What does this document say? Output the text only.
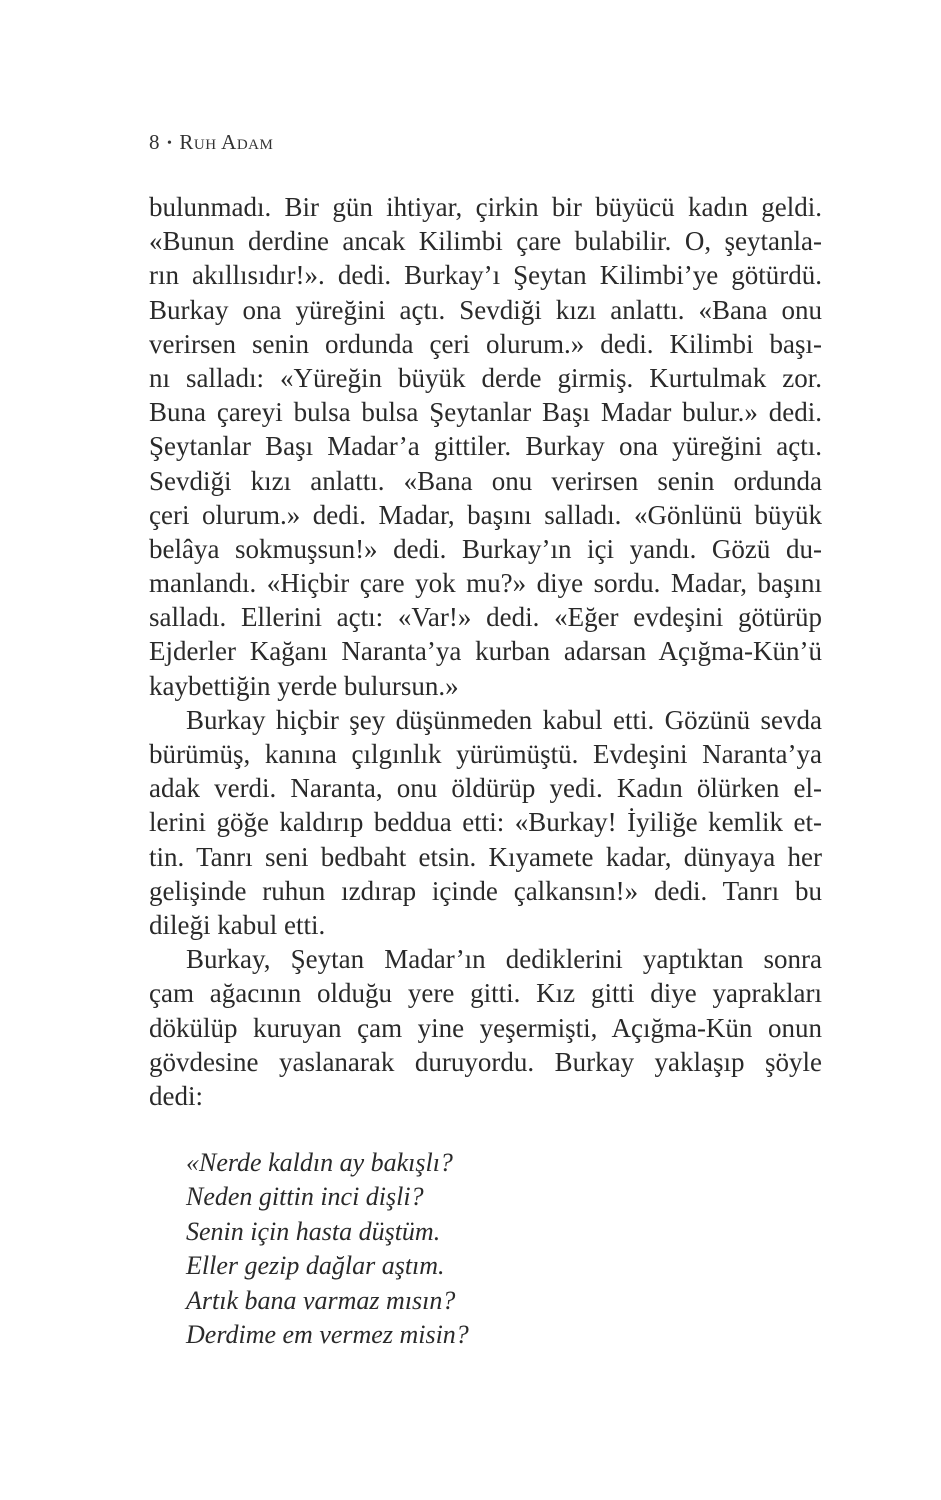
8 • Ruh Adam
bulunmadı. Bir gün ihtiyar, çirkin bir büyücü kadın geldi.
«Bunun derdine ancak Kilimbi çare bulabilir. O, şeytanla-
rın akıllısıdır!». dedi. Burkay’ı Şeytan Kilimbi’ye götürdü.
Burkay ona yüreğini açtı. Sevdiği kızı anlattı. «Bana onu
verirsen senin ordunda çeri olurum.» dedi. Kilimbi başı-
nı salladı: «Yüreğin büyük derde girmiş. Kurtulmak zor.
Buna çareyi bulsa bulsa Şeytanlar Başı Madar bulur.» dedi.
Şeytanlar Başı Madar’a gittiler. Burkay ona yüreğini açtı.
Sevdiği kızı anlattı. «Bana onu verirsen senin ordunda
çeri olurum.» dedi. Madar, başını salladı. «Gönlünü büyük
belâya sokmuşsun!» dedi. Burkay’ın içi yandı. Gözü du-
manlandı. «Hiçbir çare yok mu?» diye sordu. Madar, başını
salladı. Ellerini açtı: «Var!» dedi. «Eğer evdeşini götürüp
Ejderler Kağanı Naranta’ya kurban adarsan Açığma-Kün’ü
kaybettiğin yerde bulursun.»
Burkay hiçbir şey düşünmeden kabul etti. Gözünü sevda
bürümüş, kanına çılgınlık yürümüştü. Evdeşini Naranta’ya
adak verdi. Naranta, onu öldürüp yedi. Kadın ölürken el-
lerini göğe kaldırıp beddua etti: «Burkay! İyiliğe kemlik et-
tin. Tanrı seni bedbaht etsin. Kıyamete kadar, dünyaya her
gelişinde ruhun ızdırap içinde çalkansın!» dedi. Tanrı bu
dileği kabul etti.
Burkay, Şeytan Madar’ın dediklerini yaptıktan sonra
çam ağacının olduğu yere gitti. Kız gitti diye yaprakları
dökülüp kuruyan çam yine yeşermişti, Açığma-Kün onun
gövdesine yaslanarak duruyordu. Burkay yaklaşıp şöyle
dedi:
«Nerde kaldın ay bakışlı?
Neden gittin inci dişli?
Senin için hasta düştüm.
Eller gezip dağlar aştım.
Artık bana varmaz mısın?
Derdime em vermez misin?
